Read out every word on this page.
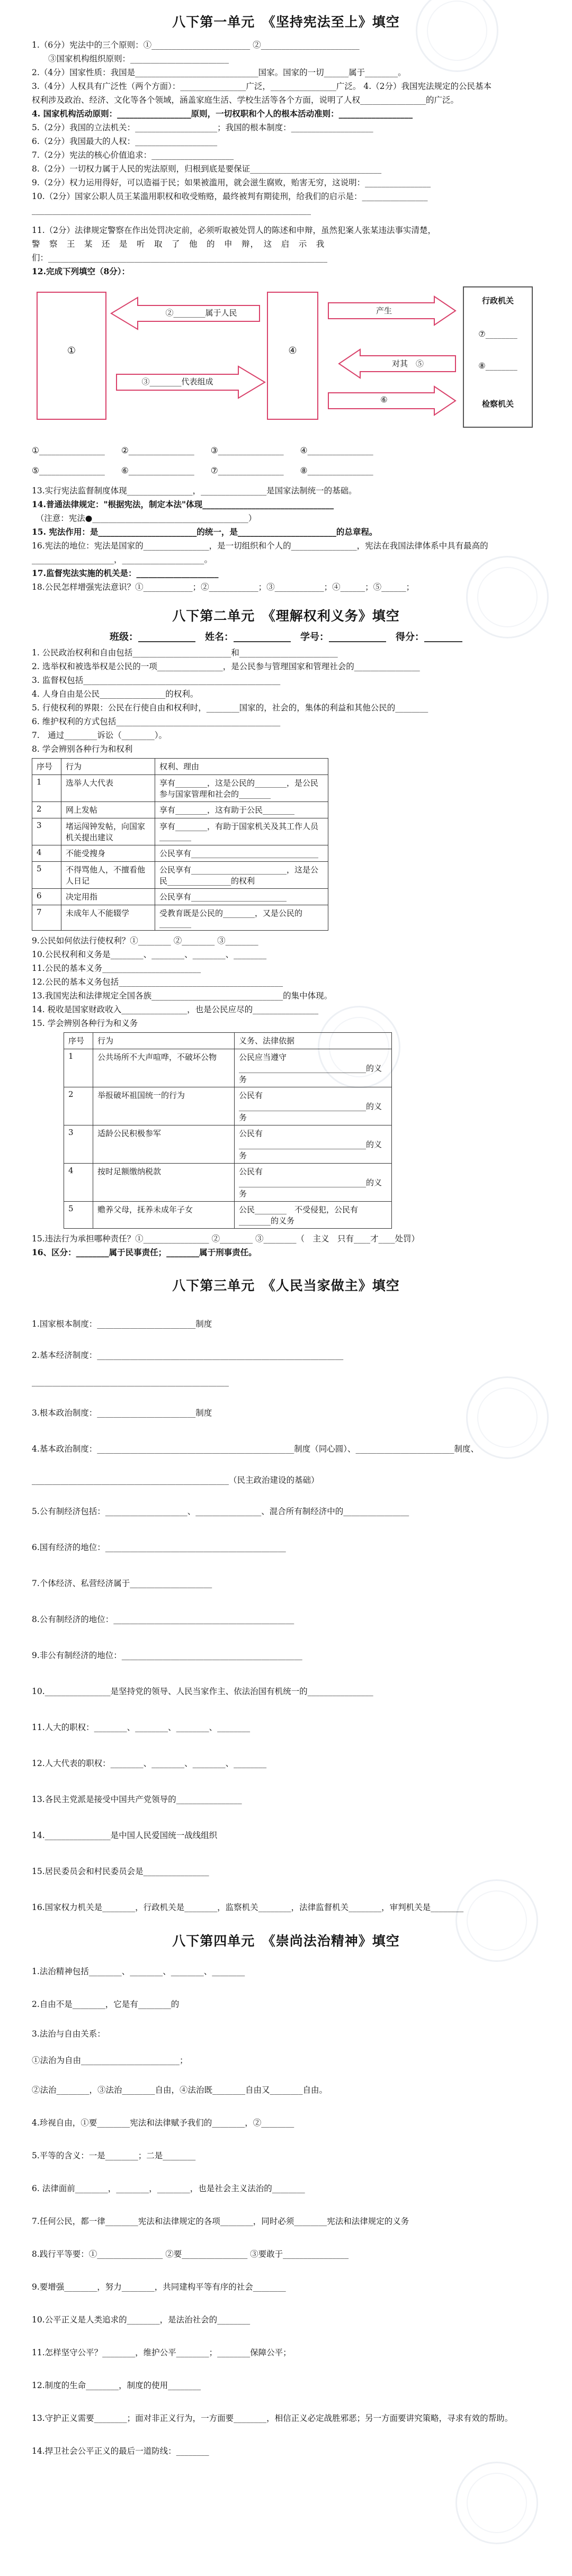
八下第一单元　《坚持宪法至上》填空
1.（6分）宪法中的三个原则：①________________________ ②________________________
　　③国家机构组织原则：________________________
2.（4分）国家性质：我国是______________________________国家。国家的一切______属于________。
3.（4分）人权具有广泛性（两个方面）：________________广泛，________________广泛。 4.（2分）我国宪法规定的公民基本
权利涉及政治、经济、文化等各个领域，涵盖家庭生活、学校生活等各个方面，说明了人权________________的广泛。
4. 国家机构活动原则：__________________原则，一切权职和个人的根本活动准则：__________________
5.（2分）我国的立法机关：____________________；我国的根本制度：____________________
6.（2分）我国最大的人权：____________________
7.（2分）宪法的核心价值追求：____________________
8.（2分）一切权力属于人民的宪法原则，归根到底是要保证________________________________
9.（2分）权力运用得好，可以造福于民；如果被滥用，就会滋生腐败，贻害无穷，这说明：________________
10.（2分）国家公职人员王某滥用职权和收受贿赂，最终被判有期徒刑，给我们的启示是：________________
____________________________________________________________________
11.（2分）法律规定警察在作出处罚决定前，必须听取被处罚人的陈述和申辩，虽然犯案人张某违法事实清楚，
警　察　王　某　还　是　听　取　了　他　的　申　辩，　这　启　示　我
们：____________________________________________________________________
12.完成下列填空（8分）：
①
②________属于人民
③________代表组成
④
产生
对其　⑤
⑥
行政机关
⑦________
⑧________
检察机关
①________________　　②________________　　③________________　　④________________
⑤________________　　⑥________________　　⑦________________　　⑧________________
13.实行宪法监督制度体现________________，________________是国家法制统一的基础。
14.普通法律规定："根据宪法，制定本法"体现________________________________
　（注意：宪法●______________________________________）
15. 宪法作用：是________________________的统一，是________________________的总章程。
16.宪法的地位：宪法是国家的________________，是一切组织和个人的________________，宪法在我国法律体系中具有最高的
____________________，____________________。
17.监督宪法实施的机关是：____________________
18.公民怎样增强宪法意识？①____________；②____________；③____________；④______；⑤______；
八下第二单元　《理解权利义务》填空
班级：____________　姓名：____________　学号：____________　得分：________
1. 公民政治权利和自由包括________________________和________________________
2. 选举权和被选举权是公民的一项________________，是公民参与管理国家和管理社会的________________
3. 监督权包括________________________________________________
4. 人身自由是公民________________的权利。
5. 行使权利的界限：公民在行使自由和权利时，________国家的，社会的，集体的利益和其他公民的________
6. 维护权利的方式包括________________________________________
7.　通过________诉讼（________）。
8. 学会辨别各种行为和权利
序号	行为	权利、理由
1	选举人大代表	享有________，这是公民的________，是公民参与国家管理和社会的________
2	网上发帖	享有________，这有助于公民________
3	堵运闯钟发帖，向国家机关提出建议	享有________，有助于国家机关及其工作人员________
4	不能受搜身	公民享有________________________________
5	不得骂他人，不擅看他人日记	公民享有________________________，这是公民________________的权利
6	决定用指	公民享有________________________
7	未成年人不能辍学	受教育既是公民的________，又是公民的________
9.公民如何依法行使权利？①________ ②________ ③________
10.公民权利和义务是________、________、________、________
11.公民的基本义务________________________
12.公民的基本义务包括________________________________________
13.我国宪法和法律规定全国各族________________________________的集中体现。
14. 税收是国家财政收入________________，也是公民应尽的________________
15. 学会辨别各种行为和义务
序号	行为	义务、法律依据
1	公共场所不大声喧哗，不破坏公物	公民应当遵守________________________________的义务
2	举报破坏祖国统一的行为	公民有________________________________的义务
3	适龄公民积极参军	公民有________________________________的义务
4	按时足额缴纳税款	公民有________________________________的义务
5	赡养父母，抚养未成年子女	公民________　不受侵犯，公民有________的义务
15.违法行为承担哪种责任？①________________ ②________ ③________（　主义　只有____才____处罚）
16、区分：________属于民事责任；________属于刑事责任。
八下第三单元　《人民当家做主》填空
1.国家根本制度：________________________制度
2.基本经济制度：____________________________________________________________
________________________________________________
3.根本政治制度：________________________制度
4.基本政治制度：________________________________________________制度（同心圆）、________________________制度、
________________________________________________（民主政治建设的基础）
5.公有制经济包括：____________________、________________、混合所有制经济中的________________
6.国有经济的地位：____________________________________________
7.个体经济、私营经济属于____________________
8.公有制经济的地位：____________________________________________
9.非公有制经济的地位：____________________________________________
10.________________是坚持党的领导、人民当家作主、依法治国有机统一的________________
11.人大的职权：________、________、________、________
12.人大代表的职权：________、________、________、________
13.各民主党派是接受中国共产党领导的________________
14.________________是中国人民爱国统一战线组织
15.居民委员会和村民委员会是________________
16.国家权力机关是________，行政机关是________，监察机关________，法律监督机关________，审判机关是________
八下第四单元　《崇尚法治精神》填空
1.法治精神包括________、________、________、________
2.自由不是________，它是有________的
3.法治与自由关系：
①法治为自由________________________；
②法治________，③法治________自由，④法治既________自由又________自由。
4.珍视自由，①要________宪法和法律赋予我们的________，②________
5.平等的含义：一是________；二是________
6. 法律面前________，________，________，也是社会主义法治的________
7.任何公民，都一律________宪法和法律规定的各项________，同时必须________宪法和法律规定的义务
8.践行平等要：①________________ ②要________________ ③要敢于________________
9.要增强________，努力________，共同建构平等有序的社会________
10.公平正义是人类追求的________，是法治社会的________
11.怎样坚守公平？________，维护公平________；________保障公平；
12.制度的生命________，制度的使用________
13.守护正义需要________；面对非正义行为，一方面要________，相信正义必定战胜邪恶；另一方面要讲究策略，寻求有效的帮助。
14.捍卫社会公平正义的最后一道防线：________
